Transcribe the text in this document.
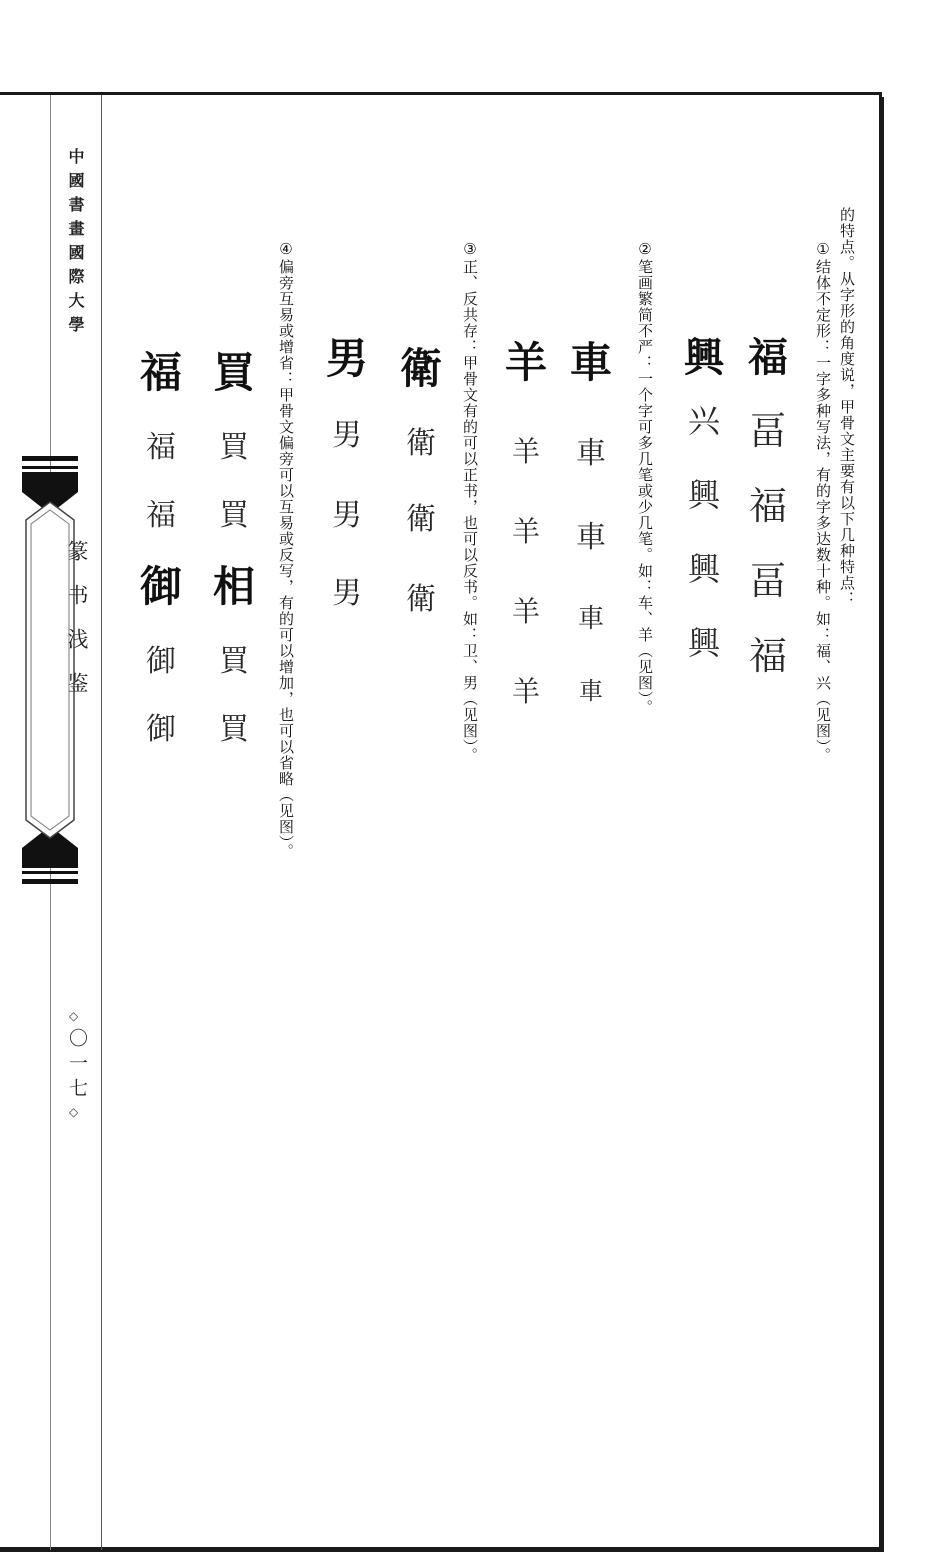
中國書畫國際大學
篆书浅鉴
◇
〇一七
◇
的特点。从字形的角度说，甲骨文主要有以下几种特点：
①结体不定形：一字多种写法，有的字多达数十种。如：福、兴（见图）。
②笔画繁简不严：一个字可多几笔或少几笔。如：车、羊（见图）。
③正、反共存：甲骨文有的可以正书，也可以反书。如：卫、男（见图）。
④偏旁互易或增省：甲骨文偏旁可以互易或反写，有的可以增加，也可以省略（见图）。	福
畐
福
畐
福
興
兴
興
興
興
車
車
車
車
車
羊
羊
羊
羊
羊
衛
衛
衛
衛
男
男
男
男
買
買
買
相
買
買
福
福
福
御
御
御
